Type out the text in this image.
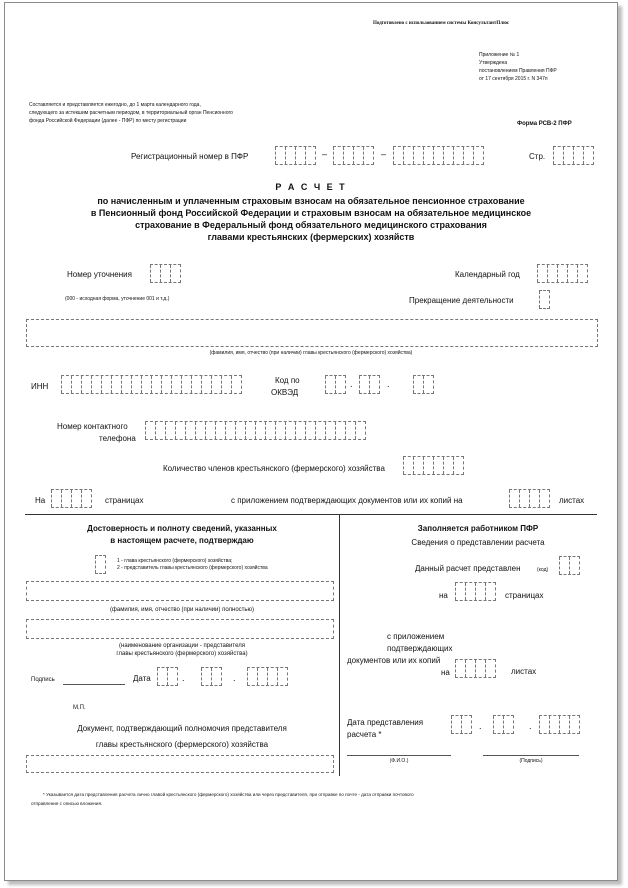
Подготовлено с использованием системы КонсультантПлюс
Приложение № 1
Утверждена
постановлением Правления ПФР
от 17 сентября 2015 г. N 347п
Составляется и представляется ежегодно, до 1 марта календарного года,
следующего за истекшим расчетным периодом, в территориальный орган Пенсионного
фонда Российской Федерации (далее - ПФР) по месту регистрации	Форма РСВ-2 ПФР
Регистрационный номер в ПФР	–	–	Стр.
Р А С Ч Е Т
по начисленным и уплаченным страховым взносам на обязательное пенсионное страхование
в Пенсионный фонд Российской Федерации и страховым взносам на обязательное медицинское
страхование в Федеральный фонд обязательного медицинского страхования
главами крестьянских (фермерских) хозяйств
Номер уточнения
(000 - исходная форма, уточнение 001 и т.д.)
Календарный год
Прекращение деятельности
(фамилия, имя, отчество (при наличии) главы крестьянского (фермерского) хозяйства)
ИНН
Код по
ОКВЭД
.	.
Номер контактного
телефона
Количество членов крестьянского (фермерского) хозяйства
На	страницах	с приложением подтверждающих документов или их копий на	листах
Достоверность и полноту сведений, указанных
в настоящем расчете, подтверждаю
1 - глава крестьянского (фермерского) хозяйства;
2 - представитель главы крестьянского (фермерского) хозяйства
(фамилия, имя, отчество (при наличии) полностью)
(наименование организации - представителя
главы крестьянского (фермерского) хозяйства)
Подпись	Дата	.	.
М.П.
Документ, подтверждающий полномочия представителя
главы крестьянского (фермерского) хозяйства
Заполняется работником ПФР
Сведения о представлении расчета
Данный расчет представлен	(код)
на	страницах
с приложением
подтверждающих
документов или их копий
на	листах
Дата представления
расчета *
.	.
(Ф.И.О.)	(Подпись)
* Указывается дата представления расчета лично главой крестьянского (фермерского) хозяйства или через представителя, при отправке по почте - дата отправки почтового
отправления с описью вложения.
